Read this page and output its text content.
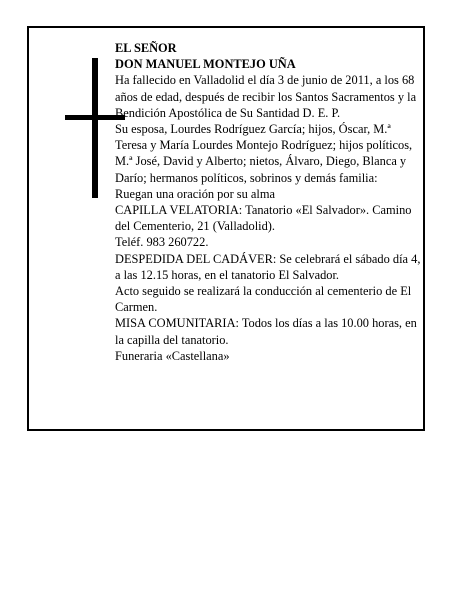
EL SEÑOR

DON MANUEL MONTEJO UÑA

Ha fallecido en Valladolid el día 3 de junio de 2011, a los 68 años de edad, después de recibir los Santos Sacramentos y la Bendición Apostólica de Su Santidad D. E. P.

Su esposa, Lourdes Rodríguez García; hijos, Óscar, M.ª Teresa y María Lourdes Montejo Rodríguez; hijos políticos, M.ª José, David y Alberto; nietos, Álvaro, Diego, Blanca y Darío; hermanos políticos, sobrinos y demás familia:

Ruegan una oración por su alma

CAPILLA VELATORIA: Tanatorio «El Salvador». Camino del Cementerio, 21 (Valladolid).

Teléf. 983 260722.

DESPEDIDA DEL CADÁVER: Se celebrará el sábado día 4, a las 12.15 horas, en el tanatorio El Salvador.

Acto seguido se realizará la conducción al cementerio de El Carmen.

MISA COMUNITARIA: Todos los días a las 10.00 horas, en la capilla del tanatorio.

Funeraria «Castellana»
